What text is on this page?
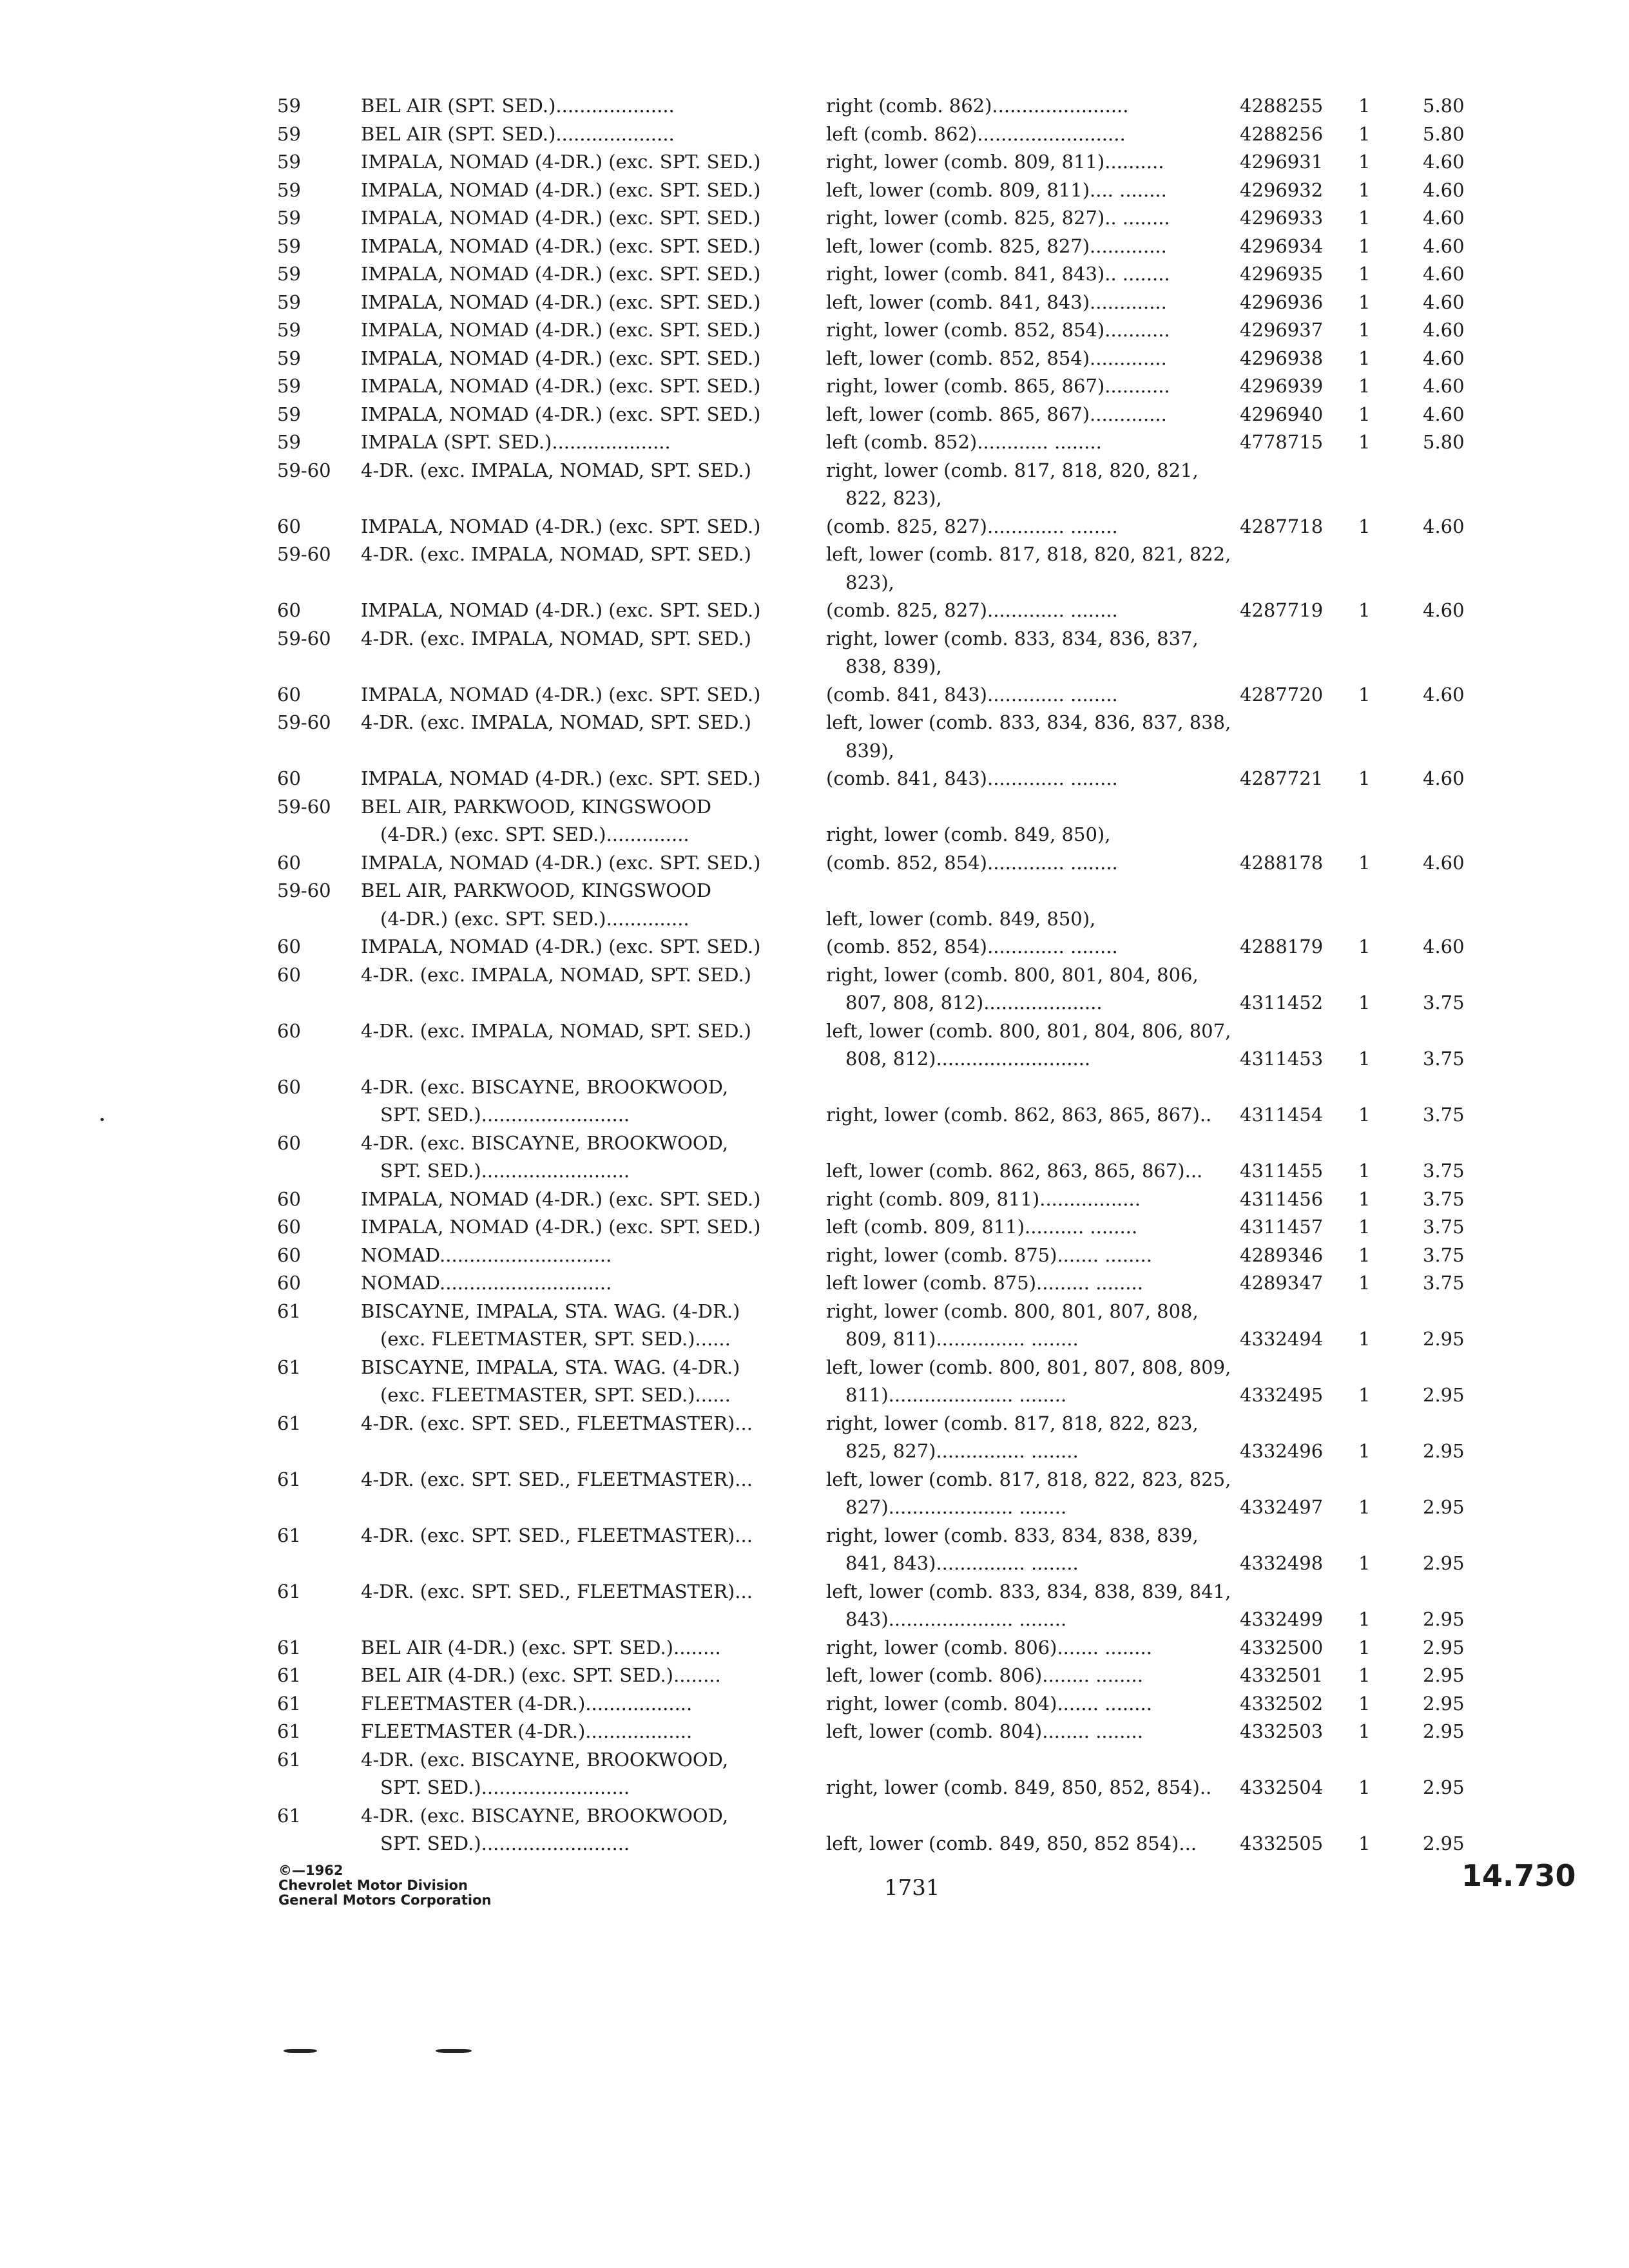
59	BEL AIR (SPT. SED.)....................	right (comb. 862).......................	4288255 1	5.80
59	BEL AIR (SPT. SED.)....................	left (comb. 862).........................	4288256 1	5.80
59	IMPALA, NOMAD (4-DR.) (exc. SPT. SED.)	right, lower (comb. 809, 811)..........	4296931 1	4.60
59	IMPALA, NOMAD (4-DR.) (exc. SPT. SED.)	left, lower (comb. 809, 811).... ........	4296932 1	4.60
59	IMPALA, NOMAD (4-DR.) (exc. SPT. SED.)	right, lower (comb. 825, 827).. ........	4296933 1	4.60
59	IMPALA, NOMAD (4-DR.) (exc. SPT. SED.)	left, lower (comb. 825, 827).............	4296934 1	4.60
59	IMPALA, NOMAD (4-DR.) (exc. SPT. SED.)	right, lower (comb. 841, 843).. ........	4296935 1	4.60
59	IMPALA, NOMAD (4-DR.) (exc. SPT. SED.)	left, lower (comb. 841, 843).............	4296936 1	4.60
59	IMPALA, NOMAD (4-DR.) (exc. SPT. SED.)	right, lower (comb. 852, 854)...........	4296937 1	4.60
59	IMPALA, NOMAD (4-DR.) (exc. SPT. SED.)	left, lower (comb. 852, 854).............	4296938 1	4.60
59	IMPALA, NOMAD (4-DR.) (exc. SPT. SED.)	right, lower (comb. 865, 867)...........	4296939 1	4.60
59	IMPALA, NOMAD (4-DR.) (exc. SPT. SED.)	left, lower (comb. 865, 867).............	4296940 1	4.60
59	IMPALA (SPT. SED.)....................	left (comb. 852)............ ........	4778715 1	5.80
59-60 4-DR. (exc. IMPALA, NOMAD, SPT. SED.)	right, lower (comb. 817, 818, 820, 821,
822, 823),
60	IMPALA, NOMAD (4-DR.) (exc. SPT. SED.)	(comb. 825, 827)............. ........	4287718 1	4.60
59-60 4-DR. (exc. IMPALA, NOMAD, SPT. SED.)	left, lower (comb. 817, 818, 820, 821, 822,
823),
60	IMPALA, NOMAD (4-DR.) (exc. SPT. SED.)	(comb. 825, 827)............. ........	4287719 1	4.60
59-60 4-DR. (exc. IMPALA, NOMAD, SPT. SED.)	right, lower (comb. 833, 834, 836, 837,
838, 839),
60	IMPALA, NOMAD (4-DR.) (exc. SPT. SED.)	(comb. 841, 843)............. ........	4287720 1	4.60
59-60 4-DR. (exc. IMPALA, NOMAD, SPT. SED.)	left, lower (comb. 833, 834, 836, 837, 838,
839),
60	IMPALA, NOMAD (4-DR.) (exc. SPT. SED.)	(comb. 841, 843)............. ........	4287721 1	4.60
59-60 BEL AIR, PARKWOOD, KINGSWOOD
(4-DR.) (exc. SPT. SED.)..............	right, lower (comb. 849, 850),
60	IMPALA, NOMAD (4-DR.) (exc. SPT. SED.)	(comb. 852, 854)............. ........	4288178 1	4.60
59-60 BEL AIR, PARKWOOD, KINGSWOOD
(4-DR.) (exc. SPT. SED.)..............	left, lower (comb. 849, 850),
60	IMPALA, NOMAD (4-DR.) (exc. SPT. SED.)	(comb. 852, 854)............. ........	4288179 1	4.60
60	4-DR. (exc. IMPALA, NOMAD, SPT. SED.)	right, lower (comb. 800, 801, 804, 806,
807, 808, 812)....................	4311452 1	3.75
60	4-DR. (exc. IMPALA, NOMAD, SPT. SED.)	left, lower (comb. 800, 801, 804, 806, 807,
808, 812)..........................	4311453 1	3.75
60	4-DR. (exc. BISCAYNE, BROOKWOOD,
SPT. SED.).........................	right, lower (comb. 862, 863, 865, 867).. 4311454 1	3.75
60	4-DR. (exc. BISCAYNE, BROOKWOOD,
SPT. SED.).........................	left, lower (comb. 862, 863, 865, 867)... 4311455 1	3.75
60	IMPALA, NOMAD (4-DR.) (exc. SPT. SED.)	right (comb. 809, 811).................	4311456 1	3.75
60	IMPALA, NOMAD (4-DR.) (exc. SPT. SED.)	left (comb. 809, 811).......... ........	4311457 1	3.75
60	NOMAD.............................	right, lower (comb. 875)....... ........	4289346 1	3.75
60	NOMAD.............................	left lower (comb. 875)......... ........	4289347 1	3.75
61	BISCAYNE, IMPALA, STA. WAG. (4-DR.)	right, lower (comb. 800, 801, 807, 808,
(exc. FLEETMASTER, SPT. SED.)......	809, 811)............... ........	4332494 1	2.95
61	BISCAYNE, IMPALA, STA. WAG. (4-DR.)	left, lower (comb. 800, 801, 807, 808, 809,
(exc. FLEETMASTER, SPT. SED.)......	811)..................... ........	4332495 1	2.95
61	4-DR. (exc. SPT. SED., FLEETMASTER)...	right, lower (comb. 817, 818, 822, 823,
825, 827)............... ........	4332496 1	2.95
61	4-DR. (exc. SPT. SED., FLEETMASTER)...	left, lower (comb. 817, 818, 822, 823, 825,
827)..................... ........	4332497 1	2.95
61	4-DR. (exc. SPT. SED., FLEETMASTER)...	right, lower (comb. 833, 834, 838, 839,
841, 843)............... ........	4332498 1	2.95
61	4-DR. (exc. SPT. SED., FLEETMASTER)...	left, lower (comb. 833, 834, 838, 839, 841,
843)..................... ........	4332499 1	2.95
61	BEL AIR (4-DR.) (exc. SPT. SED.)........	right, lower (comb. 806)....... ........	4332500 1	2.95
61	BEL AIR (4-DR.) (exc. SPT. SED.)........	left, lower (comb. 806)........ ........	4332501 1	2.95
61	FLEETMASTER (4-DR.)..................	right, lower (comb. 804)....... ........	4332502 1	2.95
61	FLEETMASTER (4-DR.)..................	left, lower (comb. 804)........ ........	4332503 1	2.95
61	4-DR. (exc. BISCAYNE, BROOKWOOD,
SPT. SED.).........................	right, lower (comb. 849, 850, 852, 854).. 4332504 1	2.95
61	4-DR. (exc. BISCAYNE, BROOKWOOD,
SPT. SED.).........................	left, lower (comb. 849, 850, 852 854)... 4332505 1	2.95
©—1962
Chevrolet Motor Division
General Motors Corporation	1731	14.730
